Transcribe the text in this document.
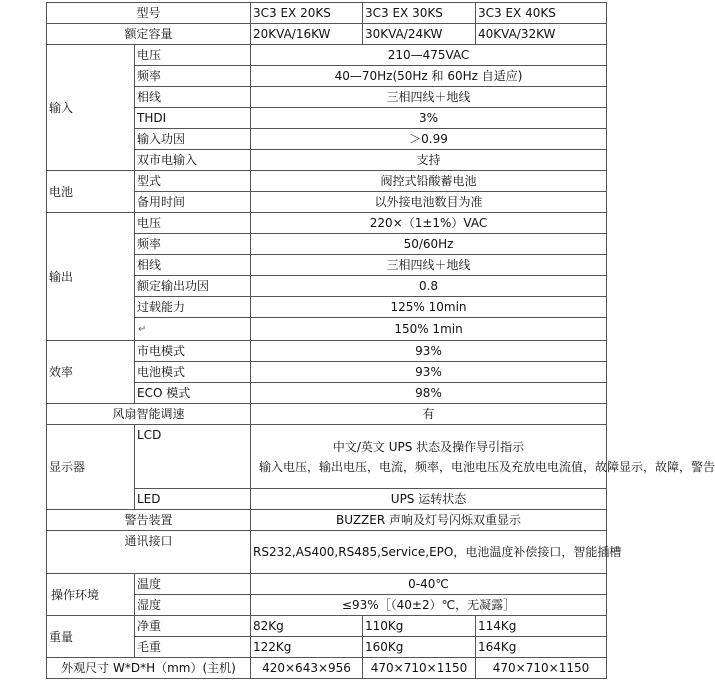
型号		3C3 EX 20KS	3C3 EX 30KS	3C3 EX 40KS
额定容量		20KVA/16KW	30KVA/24KW	40KVA/32KW
输入	电压	210—475VAC		
	频率	40—70Hz(50Hz 和 60Hz 自适应)		
	相线	三相四线＋地线		
	THDI	3%		
	输入功因	＞0.99		
	双市电输入	支持		
电池	型式	阀控式铅酸蓄电池		
	备用时间	以外接电池数目为准		
输出	电压	220×（1±1%）VAC		
	频率	50/60Hz		
	相线	三相四线＋地线		
	额定输出功因	0.8		
	过载能力	125% 10min		
	↵	150% 1min		
效率	市电模式	93%		
	电池模式	93%		
	ECO 模式	98%		
风扇智能调速		有		
显示器	LCD	中文/英文 UPS 状态及操作导引指示
输入电压，输出电压，电流，频率，电池电压及充放电电流值，故障显示，故障，警告		

	LED	UPS 运转状态		
警告装置		BUZZER 声响及灯号闪烁双重显示		
通讯接口		RS232,AS400,RS485,Service,EPO，电池温度补偿接口，智能插槽		
操作环境	温度	0-40℃		
	湿度	≤93%［（40±2）℃，无凝露］		
重量	净重	82Kg	110Kg	114Kg
	毛重	122Kg	160Kg	164Kg
外观尺寸 W*D*H（mm）(主机)		420×643×956	470×710×1150	470×710×1150
